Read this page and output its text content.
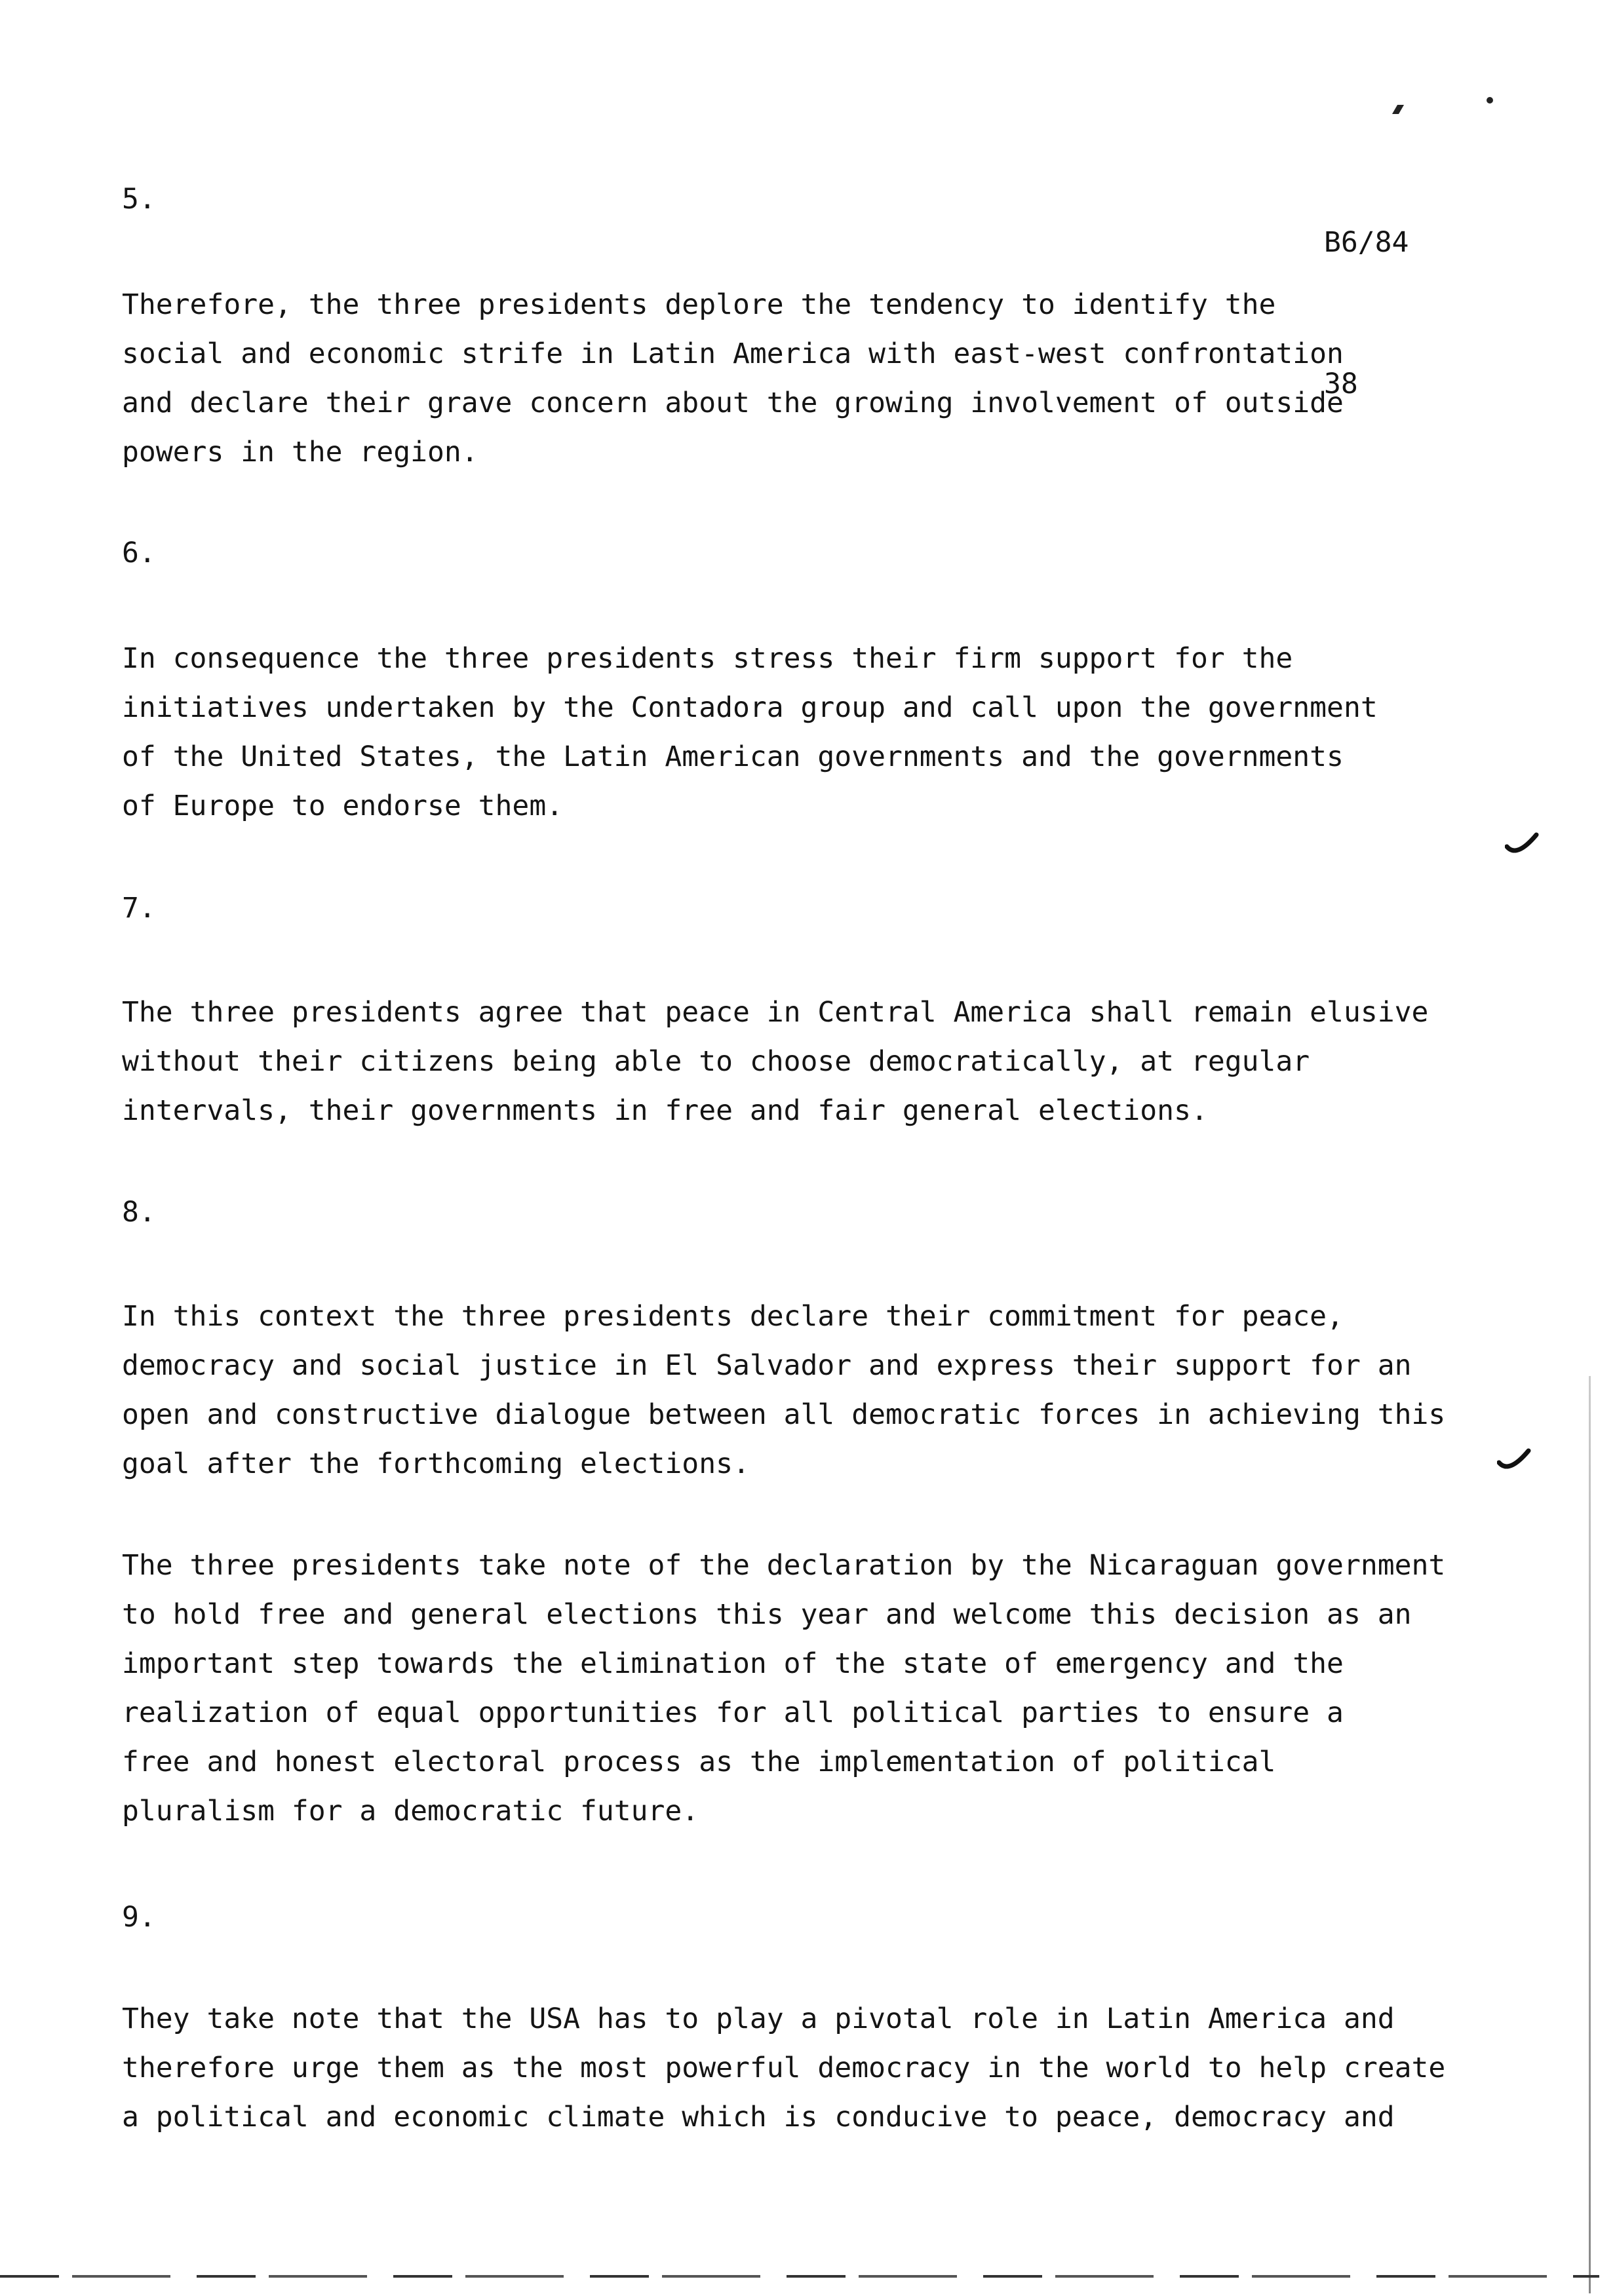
B6/84

38

5.
Therefore, the three presidents deplore the tendency to identify the
social and economic strife in Latin America with east-west confrontation
and declare their grave concern about the growing involvement of outside
powers in the region.
6.
In consequence the three presidents stress their firm support for the
initiatives undertaken by the Contadora group and call upon the government
of the United States, the Latin American governments and the governments
of Europe to endorse them.
7.
The three presidents agree that peace in Central America shall remain elusive
without their citizens being able to choose democratically, at regular
intervals, their governments in free and fair general elections.
8.
In this context the three presidents declare their commitment for peace,
democracy and social justice in El Salvador and express their support for an
open and constructive dialogue between all democratic forces in achieving this
goal after the forthcoming elections.
The three presidents take note of the declaration by the Nicaraguan government
to hold free and general elections this year and welcome this decision as an
important step towards the elimination of the state of emergency and the
realization of equal opportunities for all political parties to ensure a
free and honest electoral process as the implementation of political
pluralism for a democratic future.
9.
They take note that the USA has to play a pivotal role in Latin America and
therefore urge them as the most powerful democracy in the world to help create
a political and economic climate which is conducive to peace, democracy and
